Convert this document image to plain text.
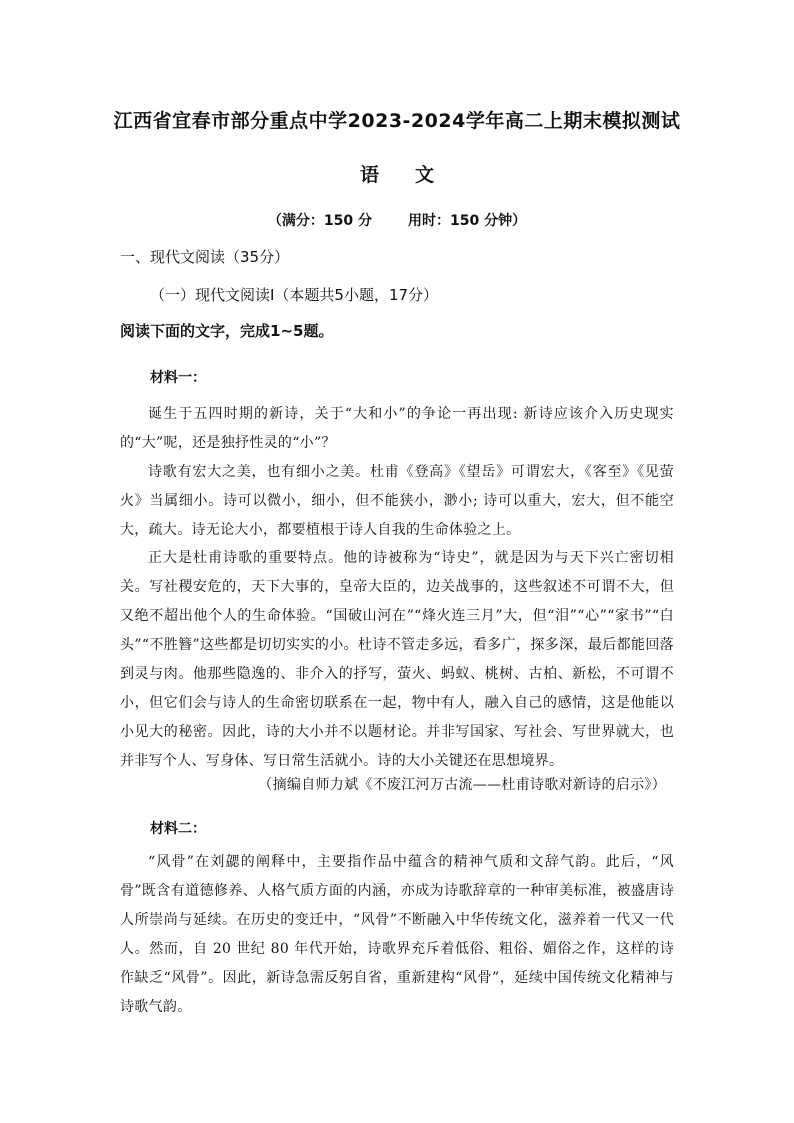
江西省宜春市部分重点中学2023-2024学年高二上期末模拟测试
语 文
（满分：150 分	用时：150 分钟）
一、现代文阅读（35分）
（一）现代文阅读Ⅰ（本题共5小题，17分）
阅读下面的文字，完成1~5题。
材料一：

诞生于五四时期的新诗，关于“大和小”的争论一再出现: 新诗应该介入历史现实的“大”呢，还是独抒性灵的“小”？

诗歌有宏大之美，也有细小之美。杜甫《登高》《望岳》可谓宏大，《客至》《见萤火》当属细小。诗可以微小，细小，但不能狭小，渺小; 诗可以重大，宏大，但不能空大，疏大。诗无论大小，都要植根于诗人自我的生命体验之上。

正大是杜甫诗歌的重要特点。他的诗被称为“诗史”，就是因为与天下兴亡密切相关。写社稷安危的，天下大事的，皇帝大臣的，边关战事的，这些叙述不可谓不大，但又绝不超出他个人的生命体验。“国破山河在”“烽火连三月”大，但“泪”“心”“家书”“白头”“不胜簪”这些都是切切实实的小。杜诗不管走多远，看多广，探多深，最后都能回落到灵与肉。他那些隐逸的、非介入的抒写，萤火、蚂蚁、桃树、古柏、新松，不可谓不小，但它们会与诗人的生命密切联系在一起，物中有人，融入自己的感情，这是他能以小见大的秘密。因此，诗的大小并不以题材论。并非写国家、写社会、写世界就大，也并非写个人、写身体、写日常生活就小。诗的大小关键还在思想境界。

（摘编自师力斌《不废江河万古流——杜甫诗歌对新诗的启示》）
材料二：

“风骨”在刘勰的阐释中，主要指作品中蕴含的精神气质和文辞气韵。此后，“风骨”既含有道德修养、人格气质方面的内涵，亦成为诗歌辞章的一种审美标准，被盛唐诗人所崇尚与延续。在历史的变迁中，“风骨”不断融入中华传统文化，滋养着一代又一代人。然而，自 20 世纪 80 年代开始，诗歌界充斥着低俗、粗俗、媚俗之作，这样的诗作缺乏“风骨”。因此，新诗急需反躬自省，重新建构“风骨”，延续中国传统文化精神与诗歌气韵。
